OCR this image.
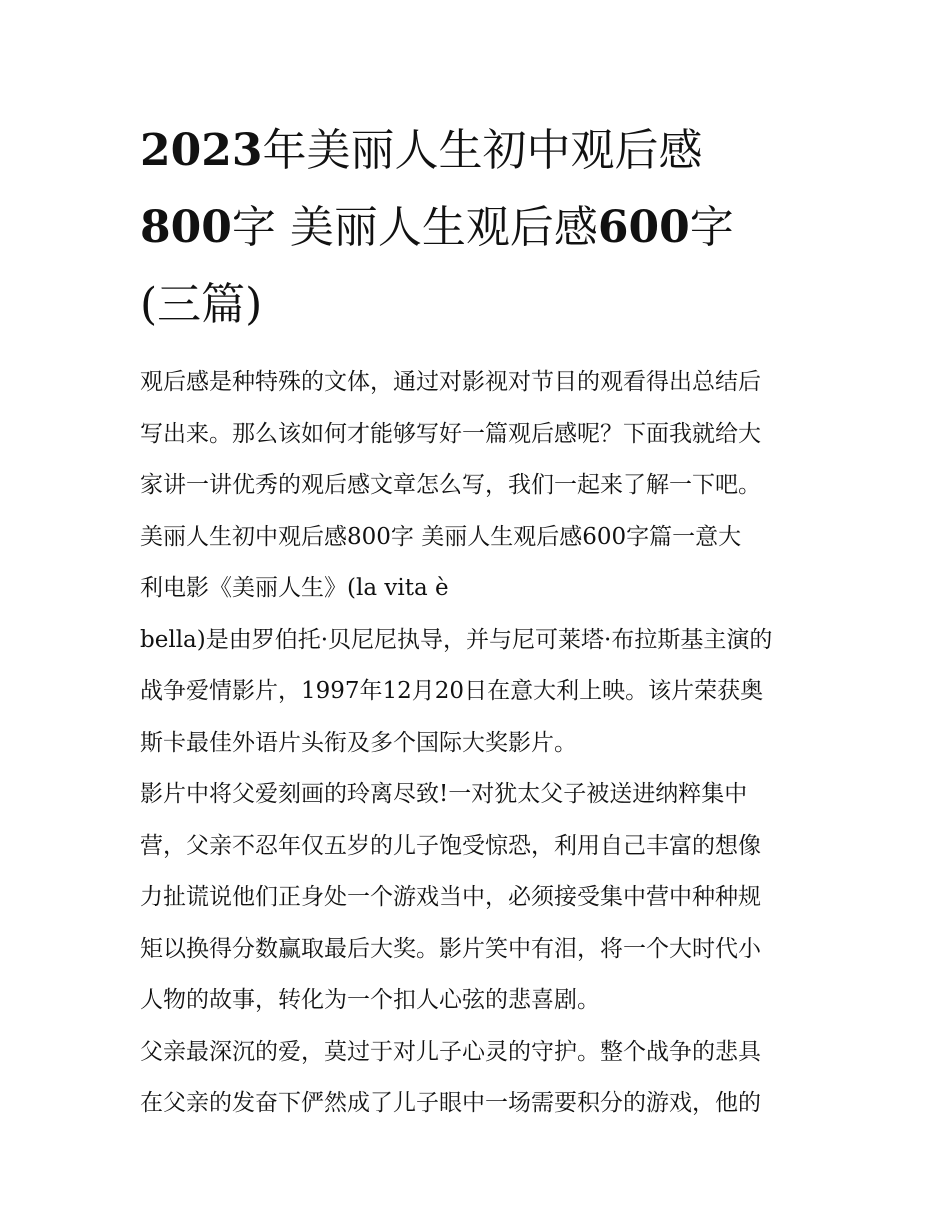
2023年美丽人生初中观后感
800字 美丽人生观后感600字
(三篇)
观后感是种特殊的文体，通过对影视对节目的观看得出总结后
写出来。那么该如何才能够写好一篇观后感呢？下面我就给大
家讲一讲优秀的观后感文章怎么写，我们一起来了解一下吧。
美丽人生初中观后感800字 美丽人生观后感600字篇一意大
利电影《美丽人生》(la vita è
bella)是由罗伯托·贝尼尼执导，并与尼可莱塔·布拉斯基主演的
战争爱情影片，1997年12月20日在意大利上映。该片荣获奥
斯卡最佳外语片头衔及多个国际大奖影片。
影片中将父爱刻画的玲离尽致!一对犹太父子被送进纳粹集中
营，父亲不忍年仅五岁的儿子饱受惊恐，利用自己丰富的想像
力扯谎说他们正身处一个游戏当中，必须接受集中营中种种规
矩以换得分数赢取最后大奖。影片笑中有泪，将一个大时代小
人物的故事，转化为一个扣人心弦的悲喜剧。
父亲最深沉的爱，莫过于对儿子心灵的守护。整个战争的悲具
在父亲的发奋下俨然成了儿子眼中一场需要积分的游戏，他的
